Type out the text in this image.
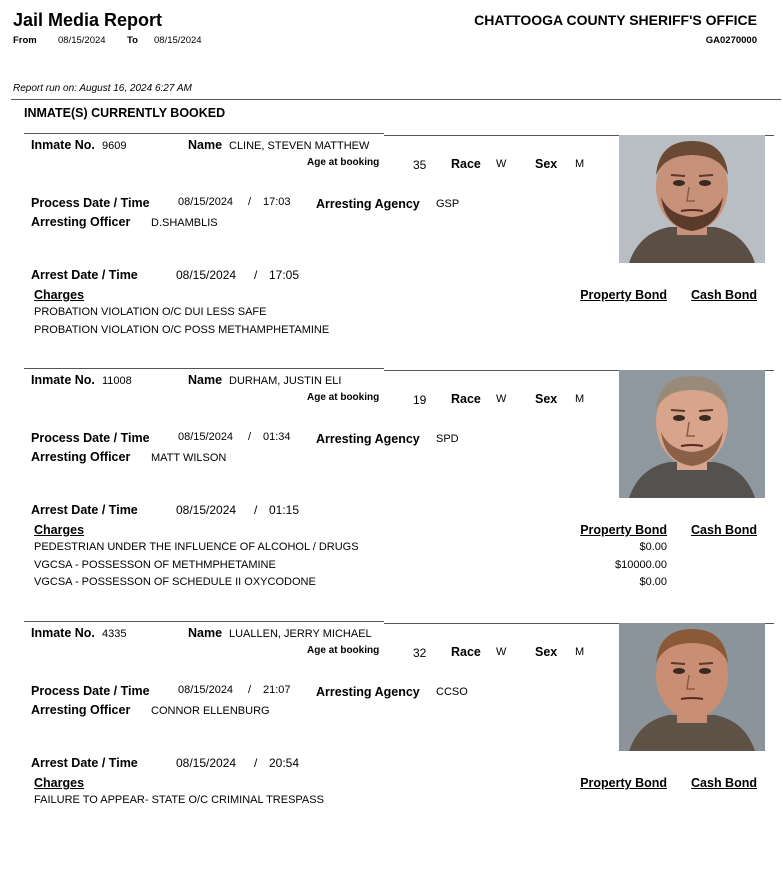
Jail Media Report
From 08/15/2024 To 08/15/2024
CHATTOOGA COUNTY SHERIFF'S OFFICE
GA0270000
Report run on: August 16, 2024 6:27 AM
INMATE(S) CURRENTLY BOOKED
Inmate No. 9609	Name CLINE, STEVEN MATTHEW
Age at booking	35 Race W Sex M
Process Date / Time	08/15/2024 / 17:03 Arresting Agency GSP
Arresting Officer D.SHAMBLIS
Arrest Date / Time	08/15/2024 / 17:05
Charges	Property Bond Cash Bond
PROBATION VIOLATION O/C DUI LESS SAFE
PROBATION VIOLATION O/C POSS METHAMPHETAMINE
Inmate No. 11008	Name DURHAM, JUSTIN ELI
Age at booking	19 Race W Sex M
Process Date / Time	08/15/2024 / 01:34 Arresting Agency SPD
Arresting Officer MATT WILSON
Arrest Date / Time	08/15/2024 / 01:15
Charges	Property Bond Cash Bond
PEDESTRIAN UNDER THE INFLUENCE OF ALCOHOL / DRUGS	$0.00
VGCSA - POSSESSON OF METHMPHETAMINE	$10000.00
VGCSA - POSSESSON OF SCHEDULE II OXYCODONE	$0.00
Inmate No. 4335	Name LUALLEN, JERRY MICHAEL
Age at booking	32 Race W Sex M
Process Date / Time	08/15/2024 / 21:07 Arresting Agency CCSO
Arresting Officer CONNOR ELLENBURG
Arrest Date / Time	08/15/2024 / 20:54
Charges	Property Bond Cash Bond
FAILURE TO APPEAR- STATE O/C CRIMINAL TRESPASS
